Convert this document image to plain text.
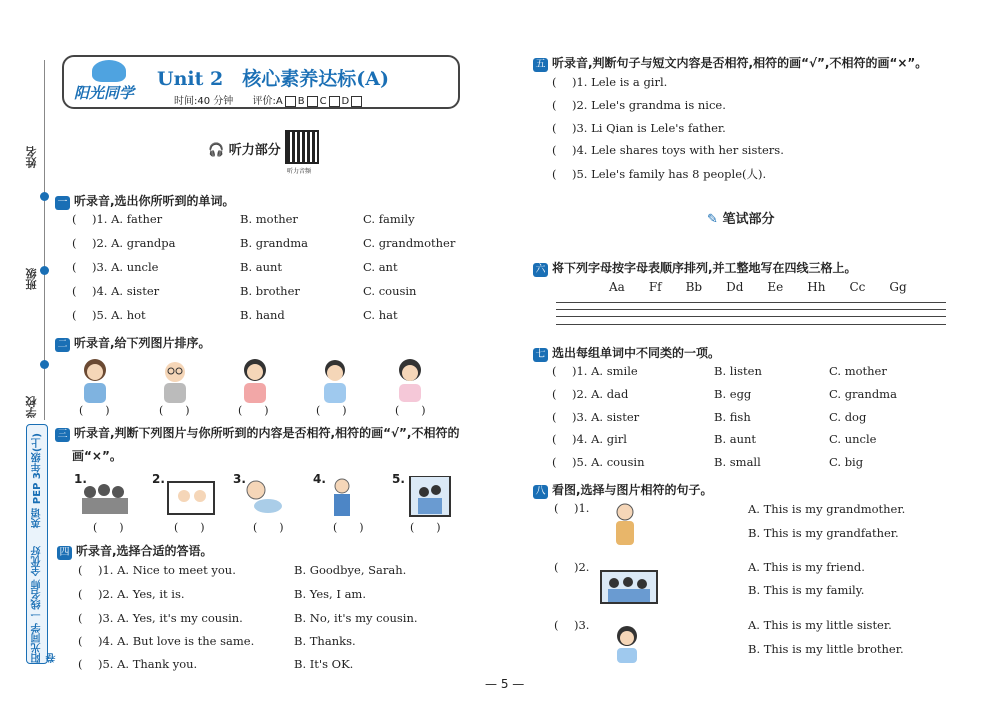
姓名
班级
学校
英语 PEP 3年级(上)
阳光同学 一线名师 全优好卷
阳光同学
Unit 2　核心素养达标(A)
时间:40 分钟 评价:A B C D
🎧 听力部分
听力音频
一 听录音,选出你所听到的单词。
( )1. A. father	B. mother	C. family
( )2. A. grandpa	B. grandma	C. grandmother
( )3. A. uncle	B. aunt	C. ant
( )4. A. sister	B. brother	C. cousin
( )5. A. hot	B. hand	C. hat
二 听录音,给下列图片排序。
(　　)	(　　)	(　　)	(　　)	(　　)
三 听录音,判断下列图片与你所听到的内容是否相符,相符的画“√”,不相符的
画“×”。
1.	2.	3.	4.	5.
(　　)	(　　)	(　　)	(　　)	(　　)
四 听录音,选择合适的答语。
( )1. A. Nice to meet you.	B. Goodbye, Sarah.
( )2. A. Yes, it is.	B. Yes, I am.
( )3. A. Yes, it's my cousin.	B. No, it's my cousin.
( )4. A. But love is the same.	B. Thanks.
( )5. A. Thank you.	B. It's OK.
五 听录音,判断句子与短文内容是否相符,相符的画“√”,不相符的画“×”。
( )1. Lele is a girl.
( )2. Lele's grandma is nice.
( )3. Li Qian is Lele's father.
( )4. Lele shares toys with her sisters.
( )5. Lele's family has 8 people(人).
✎ 笔试部分
六 将下列字母按字母表顺序排列,并工整地写在四线三格上。
Aa Ff Bb Dd Ee Hh Cc Gg
七 选出每组单词中不同类的一项。
( )1. A. smile	B. listen	C. mother
( )2. A. dad	B. egg	C. grandma
( )3. A. sister	B. fish	C. dog
( )4. A. girl	B. aunt	C. uncle
( )5. A. cousin	B. small	C. big
八 看图,选择与图片相符的句子。
( )1.	A. This is my grandmother.
B. This is my grandfather.
( )2.	A. This is my friend.
B. This is my family.
( )3.	A. This is my little sister.
B. This is my little brother.
— 5 —
